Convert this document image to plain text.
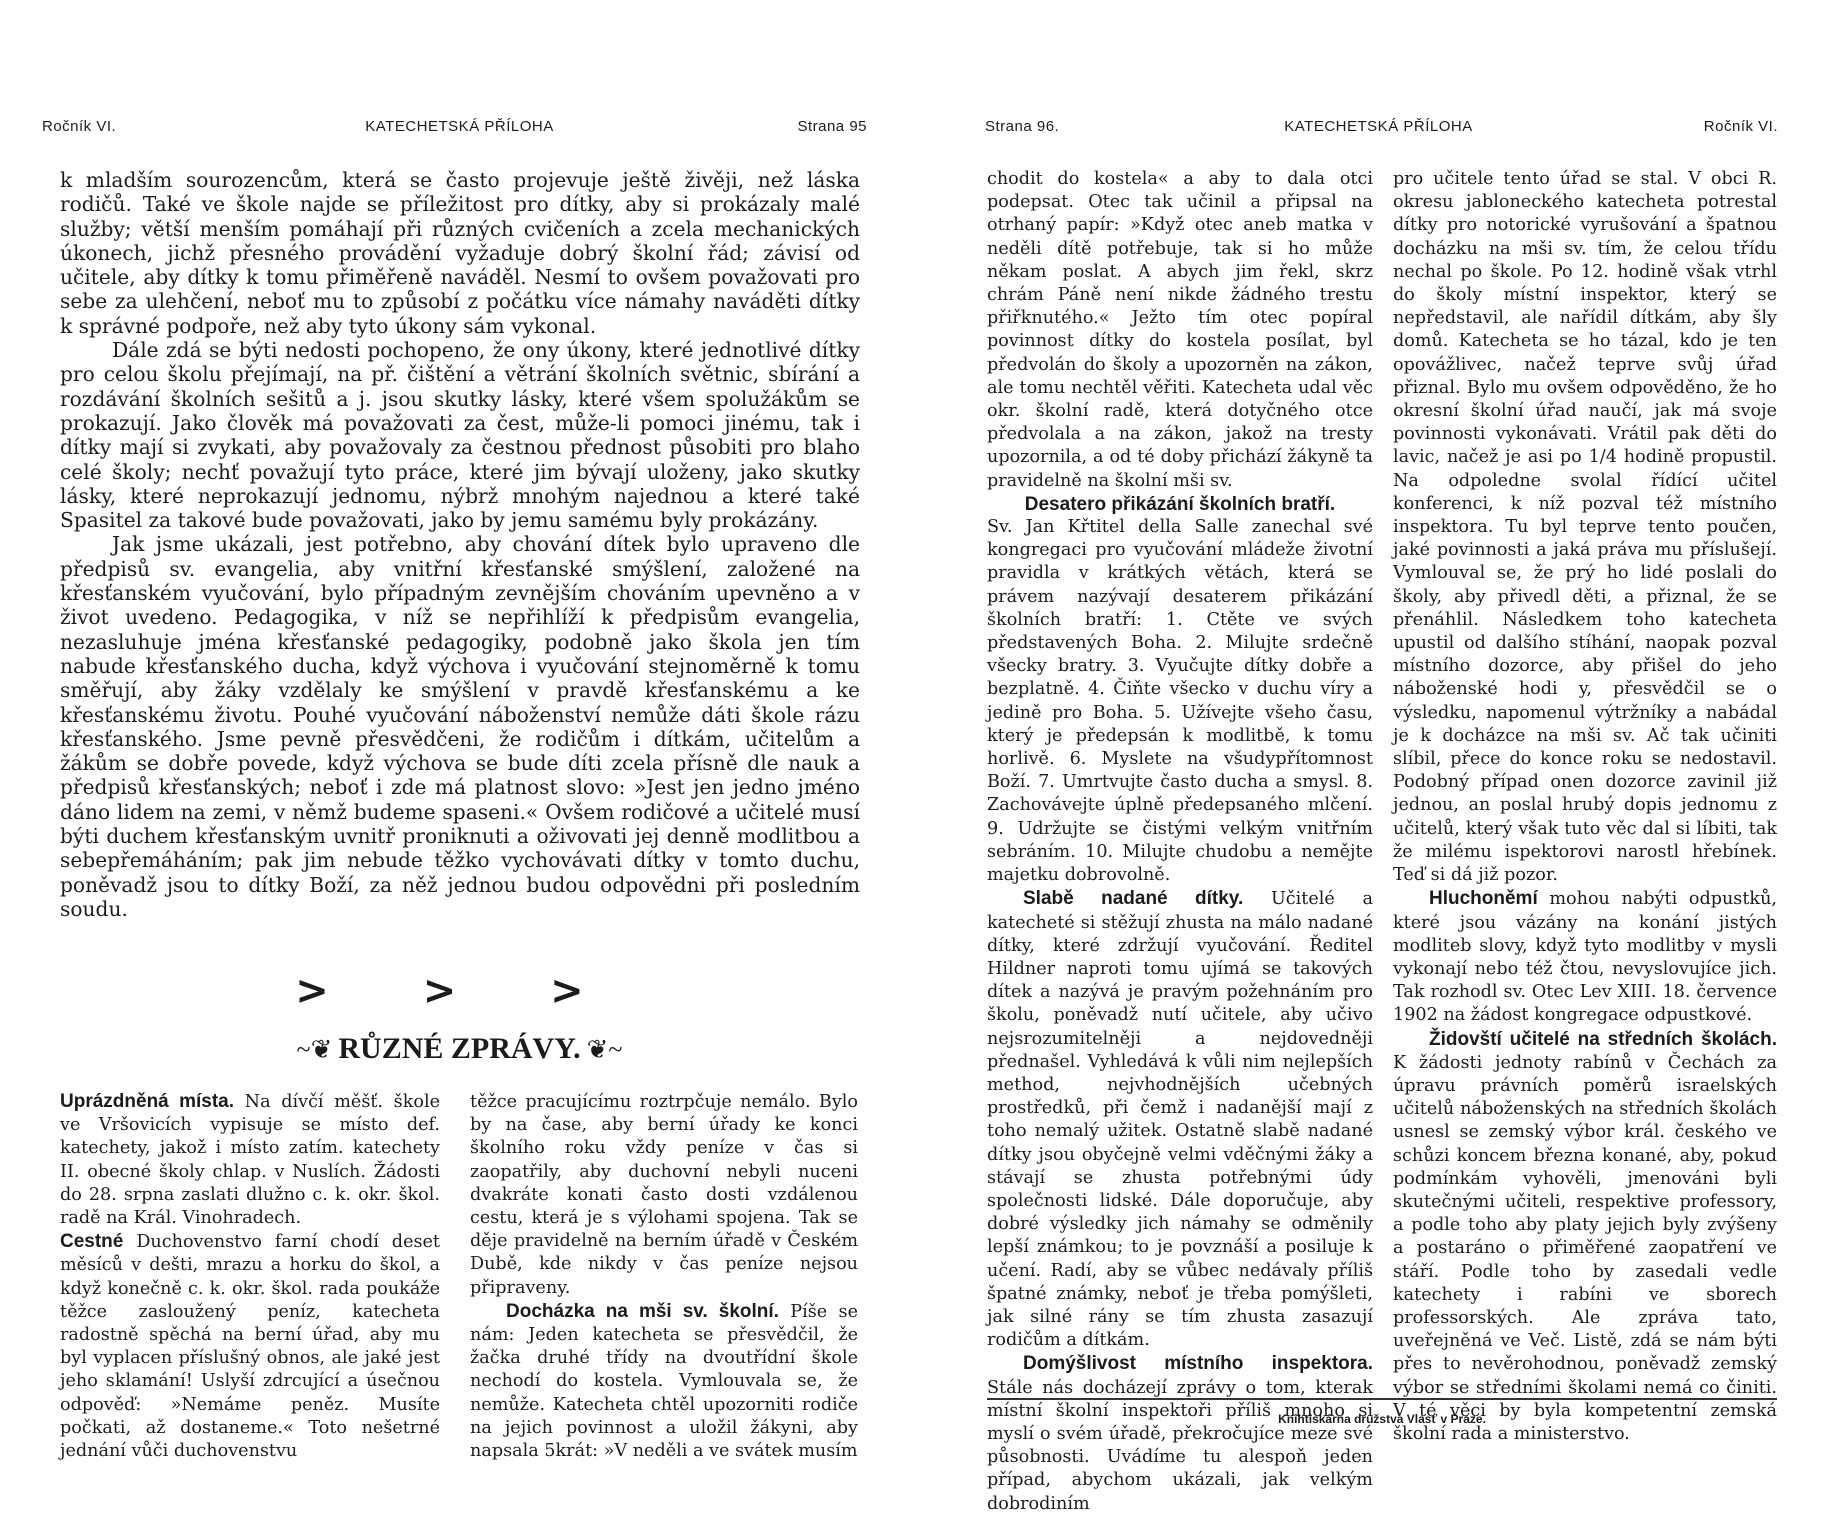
Ročník VI.	KATECHETSKÁ PŘÍLOHA	Strana 95

k mladším sourozencům, která se často projevuje ještě živěji, než láska rodičů. Také ve škole najde se příležitost pro dítky, aby si prokázaly malé služby; větší menším pomáhají při různých cvičeních a zcela mechanických úkonech, jichž přesného provádění vyžaduje dobrý školní řád; závisí od učitele, aby dítky k tomu přiměřeně naváděl. Nesmí to ovšem považovati pro sebe za ulehčení, neboť mu to způsobí z počátku více námahy naváděti dítky k správné podpoře, než aby tyto úkony sám vykonal.

Dále zdá se býti nedosti pochopeno, že ony úkony, které jednotlivé dítky pro celou školu přejímají, na př. čištění a větrání školních světnic, sbírání a rozdávání školních sešitů a j. jsou skutky lásky, které všem spolužákům se prokazují. Jako člověk má považovati za čest, může-li pomoci jinému, tak i dítky mají si zvykati, aby považovaly za čestnou přednost působiti pro blaho celé školy; nechť považují tyto práce, které jim bývají uloženy, jako skutky lásky, které neprokazují jednomu, nýbrž mnohým najednou a které také Spasitel za takové bude považovati, jako by jemu samému byly prokázány.

Jak jsme ukázali, jest potřebno, aby chování dítek bylo upraveno dle předpisů sv. evangelia, aby vnitřní křesťanské smýšlení, založené na křesťanském vyučování, bylo případným zevnějším chováním upevněno a v život uvedeno. Pedagogika, v níž se nepřihlíží k předpisům evangelia, nezasluhuje jména křesťanské pedagogiky, podobně jako škola jen tím nabude křesťanského ducha, když výchova i vyučování stejnoměrně k tomu směřují, aby žáky vzdělaly ke smýšlení v pravdě křesťanskému a ke křesťanskému životu. Pouhé vyučování náboženství nemůže dáti škole rázu křesťanského. Jsme pevně přesvědčeni, že rodičům i dítkám, učitelům a žákům se dobře povede, když výchova se bude díti zcela přísně dle nauk a předpisů křesťanských; neboť i zde má platnost slovo: »Jest jen jedno jméno dáno lidem na zemi, v němž budeme spaseni.« Ovšem rodičové a učitelé musí býti duchem křesťanským uvnitř proniknuti a oživovati jej denně modlitbou a sebepřemáháním; pak jim nebude těžko vychovávati dítky v tomto duchu, poněvadž jsou to dítky Boží, za něž jednou budou odpovědni při posledním soudu.

> > >
~❦ RŮZNÉ ZPRÁVY. ❦~

Uprázdněná místa. Na dívčí měšť. škole ve Vršovicích vypisuje se místo def. katechety, jakož i místo zatím. katechety II. obecné školy chlap. v Nuslích. Žádosti do 28. srpna zaslati dlužno c. k. okr. škol. radě na Král. Vinohradech.

Cestné Duchovenstvo farní chodí deset měsíců v dešti, mrazu a horku do škol, a když konečně c. k. okr. škol. rada poukáže těžce zasloužený peníz, katecheta radostně spěchá na berní úřad, aby mu byl vyplacen příslušný obnos, ale jaké jest jeho sklamání! Uslyší zdrcující a úsečnou odpověď: »Nemáme peněz. Musíte počkati, až dostaneme.« Toto nešetrné jednání vůči duchovenstvu

těžce pracujícímu roztrpčuje nemálo. Bylo by na čase, aby berní úřady ke konci školního roku vždy peníze v čas si zaopatřily, aby duchovní nebyli nuceni dvakráte konati často dosti vzdálenou cestu, která je s výlohami spojena. Tak se děje pravidelně na berním úřadě v Českém Dubě, kde nikdy v čas peníze nejsou připraveny.

Docházka na mši sv. školní. Píše se nám: Jeden katecheta se přesvědčil, že žačka druhé třídy na dvoutřídní škole nechodí do kostela. Vymlouvala se, že nemůže. Katecheta chtěl upozorniti rodiče na jejich povinnost a uložil žákyni, aby napsala 5krát: »V neděli a ve svátek musím

Strana 96.	KATECHETSKÁ PŘÍLOHA	Ročník VI.

chodit do kostela« a aby to dala otci podepsat. Otec tak učinil a připsal na otrhaný papír: »Když otec aneb matka v neděli dítě potřebuje, tak si ho může někam poslat. A abych jim řekl, skrz chrám Páně není nikde žádného trestu přiřknutého.« Ježto tím otec popíral povinnost dítky do kostela posílat, byl předvolán do školy a upozorněn na zákon, ale tomu nechtěl věřiti. Katecheta udal věc okr. školní radě, která dotyčného otce předvolala a na zákon, jakož na tresty upozornila, a od té doby přichází žákyně ta pravidelně na školní mši sv.

Desatero přikázání školních bratří.

Sv. Jan Křtitel della Salle zanechal své kongregaci pro vyučování mládeže životní pravidla v krátkých větách, která se právem nazývají desaterem přikázání školních bratří: 1. Ctěte ve svých představených Boha. 2. Milujte srdečně všecky bratry. 3. Vyučujte dítky dobře a bezplatně. 4. Čiňte všecko v duchu víry a jedině pro Boha. 5. Užívejte všeho času, který je předepsán k modlitbě, k tomu horlivě. 6. Myslete na všudypřítomnost Boží. 7. Umrtvujte často ducha a smysl. 8. Zachovávejte úplně předepsaného mlčení. 9. Udržujte se čistými velkým vnitřním sebráním. 10. Milujte chudobu a nemějte majetku dobrovolně.

Slabě nadané dítky. Učitelé a katecheté si stěžují zhusta na málo nadané dítky, které zdržují vyučování. Ředitel Hildner naproti tomu ujímá se takových dítek a nazývá je pravým požehnáním pro školu, poněvadž nutí učitele, aby učivo nejsrozumitelněji a nejdovedněji přednašel. Vyhledává k vůli nim nejlepších method, nejvhodnějších učebných prostředků, při čemž i nadanější mají z toho nemalý užitek. Ostatně slabě nadané dítky jsou obyčejně velmi vděčnými žáky a stávají se zhusta potřebnými údy společnosti lidské. Dále doporučuje, aby dobré výsledky jich námahy se odměnily lepší známkou; to je povznáší a posiluje k učení. Radí, aby se vůbec nedávaly příliš špatné známky, neboť je třeba pomýšleti, jak silné rány se tím zhusta zasazují rodičům a dítkám.

Domýšlivost místního inspektora. Stále nás docházejí zprávy o tom, kterak místní školní inspektoři příliš mnoho si myslí o svém úřadě, překročujíce meze své působnosti. Uvádíme tu alespoň jeden případ, abychom ukázali, jak velkým dobrodiním

pro učitele tento úřad se stal. V obci R. okresu jabloneckého katecheta potrestal dítky pro notorické vyrušování a špatnou docházku na mši sv. tím, že celou třídu nechal po škole. Po 12. hodině však vtrhl do školy místní inspektor, který se nepředstavil, ale nařídil dítkám, aby šly domů. Katecheta se ho tázal, kdo je ten opovážlivec, načež teprve svůj úřad přiznal. Bylo mu ovšem odpověděno, že ho okresní školní úřad naučí, jak má svoje povinnosti vykonávati. Vrátil pak děti do lavic, načež je asi po 1/4 hodině propustil. Na odpoledne svolal řídící učitel konferenci, k níž pozval též místního inspektora. Tu byl teprve tento poučen, jaké povinnosti a jaká práva mu příslušejí. Vymlouval se, že prý ho lidé poslali do školy, aby přivedl děti, a přiznal, že se přenáhlil. Následkem toho katecheta upustil od dalšího stíhání, naopak pozval místního dozorce, aby přišel do jeho náboženské hodi y, přesvědčil se o výsledku, napomenul výtržníky a nabádal je k docházce na mši sv. Ač tak učiniti slíbil, přece do konce roku se nedostavil. Podobný případ onen dozorce zavinil již jednou, an poslal hrubý dopis jednomu z učitelů, který však tuto věc dal si líbiti, tak že milému ispektorovi narostl hřebínek. Teď si dá již pozor.

Hluchoněmí mohou nabýti odpustků, které jsou vázány na konání jistých modliteb slovy, když tyto modlitby v mysli vykonají nebo též čtou, nevyslovujíce jich. Tak rozhodl sv. Otec Lev XIII. 18. července 1902 na žádost kongregace odpustkové.

Židovští učitelé na středních školách. K žádosti jednoty rabínů v Čechách za úpravu právních poměrů israelských učitelů náboženských na středních školách usnesl se zemský výbor král. českého ve schůzi koncem března konané, aby, pokud podmínkám vyhověli, jmenováni byli skutečnými učiteli, respektive professory, a podle toho aby platy jejich byly zvýšeny a postaráno o přiměřené zaopatření ve stáří. Podle toho by zasedali vedle katechety i rabíni ve sborech professorských. Ale zpráva tato, uveřejněná ve Več. Listě, zdá se nám býti přes to nevěrohodnou, poněvadž zemský výbor se středními školami nemá co činiti. V té věci by byla kompetentní zemská školní rada a ministerstvo.

Knihtiskárna družstva Vlasť v Praze.
